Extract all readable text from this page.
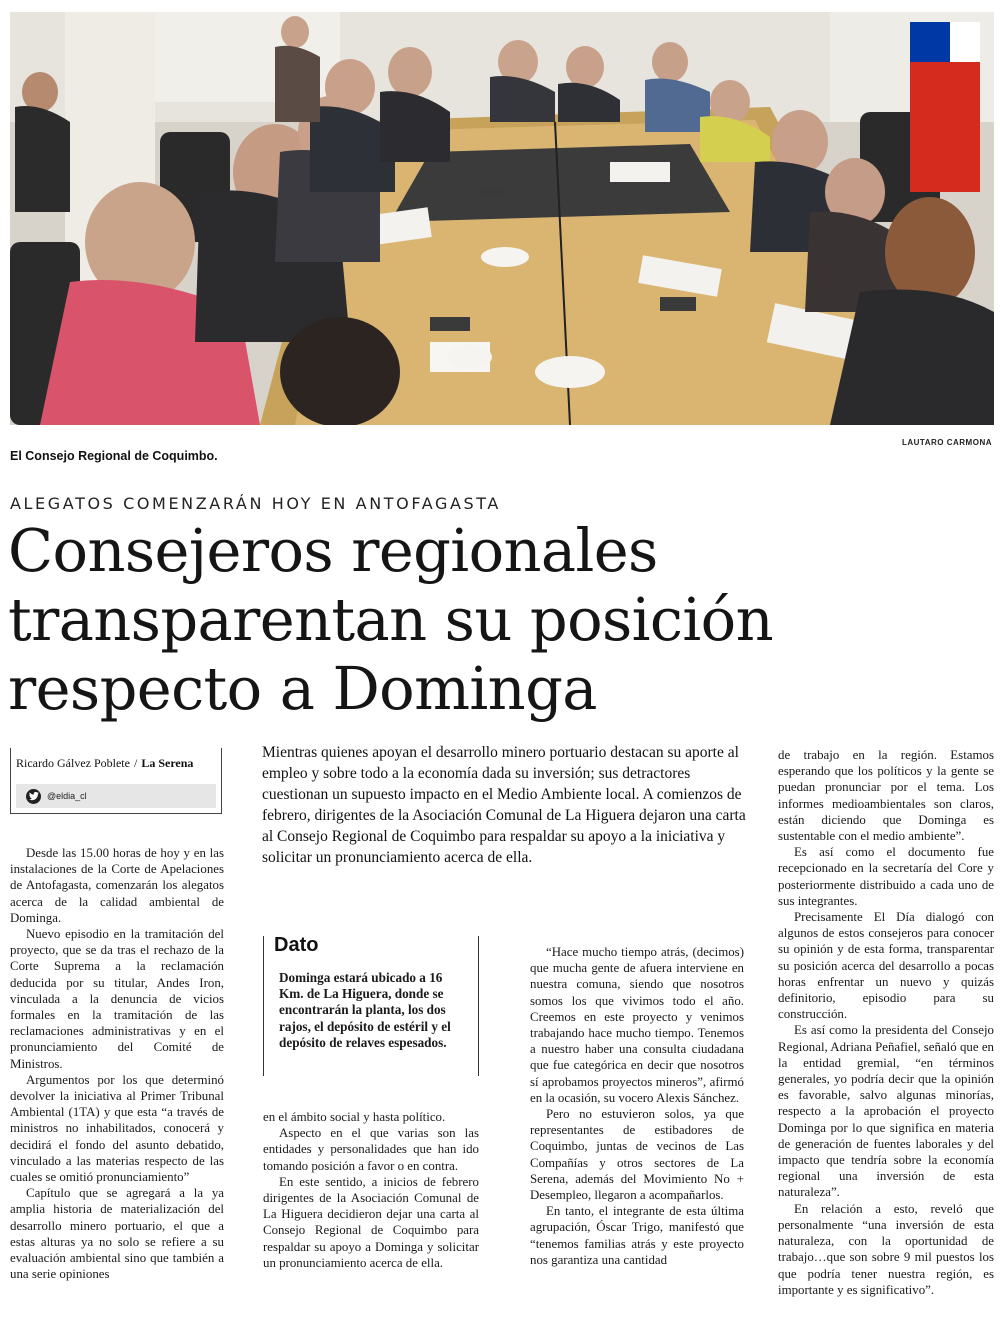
El Consejo Regional de Coquimbo.
LAUTARO CARMONA
ALEGATOS COMENZARÁN HOY EN ANTOFAGASTA
Consejeros regionales transparentan su posición respecto a Dominga
Ricardo Gálvez Poblete / La Serena
@eldia_cl

Mientras quienes apoyan el desarrollo minero portuario destacan su aporte al empleo y sobre todo a la economía dada su inversión; sus detractores cuestionan un supuesto impacto en el Medio Ambiente local. A comienzos de febrero, dirigentes de la Asociación Comunal de La Higuera dejaron una carta al Consejo Regional de Coquimbo para respaldar su apoyo a la iniciativa y solicitar un pronunciamiento acerca de ella.

Desde las 15.00 horas de hoy y en las instalaciones de la Corte de Apelaciones de Antofagasta, comenzarán los alegatos acerca de la calidad ambiental de Dominga.

Nuevo episodio en la tramitación del proyecto, que se da tras el rechazo de la Corte Suprema a la reclamación deducida por su titular, Andes Iron, vinculada a la denuncia de vicios formales en la tramitación de las reclamaciones administrativas y en el pronunciamiento del Comité de Ministros.

Argumentos por los que determinó devolver la iniciativa al Primer Tribunal Ambiental (1TA) y que esta “a través de ministros no inhabilitados, conocerá y decidirá el fondo del asunto debatido, vinculado a las materias respecto de las cuales se omitió pronunciamiento”

Capítulo que se agregará a la ya amplia historia de materialización del desarrollo minero portuario, el que a estas alturas ya no solo se refiere a su evaluación ambiental sino que también a una serie opiniones

Dato

Dominga estará ubicado a 16 Km. de La Higuera, donde se encontrarán la planta, los dos rajos, el depósito de estéril y el depósito de relaves espesados.

en el ámbito social y hasta político.

Aspecto en el que varias son las entidades y personalidades que han ido tomando posición a favor o en contra.

En este sentido, a inicios de febrero dirigentes de la Asociación Comunal de La Higuera decidieron dejar una carta al Consejo Regional de Coquimbo para respaldar su apoyo a Dominga y solicitar un pronunciamiento acerca de ella.

“Hace mucho tiempo atrás, (decimos) que mucha gente de afuera interviene en nuestra comuna, siendo que nosotros somos los que vivimos todo el año. Creemos en este proyecto y venimos trabajando hace mucho tiempo. Tenemos a nuestro haber una consulta ciudadana que fue categórica en decir que nosotros sí aprobamos proyectos mineros”, afirmó en la ocasión, su vocero Alexis Sánchez.

Pero no estuvieron solos, ya que representantes de estibadores de Coquimbo, juntas de vecinos de Las Compañías y otros sectores de La Serena, además del Movimiento No + Desempleo, llegaron a acompañarlos.

En tanto, el integrante de esta última agrupación, Óscar Trigo, manifestó que “tenemos familias atrás y este proyecto nos garantiza una cantidad

de trabajo en la región. Estamos esperando que los políticos y la gente se puedan pronunciar por el tema. Los informes medioambientales son claros, están diciendo que Dominga es sustentable con el medio ambiente”.

Es así como el documento fue recepcionado en la secretaría del Core y posteriormente distribuido a cada uno de sus integrantes.

Precisamente El Día dialogó con algunos de estos consejeros para conocer su opinión y de esta forma, transparentar su posición acerca del desarrollo a pocas horas enfrentar un nuevo y quizás definitorio, episodio para su construcción.

Es así como la presidenta del Consejo Regional, Adriana Peñafiel, señaló que en la entidad gremial, “en términos generales, yo podría decir que la opinión es favorable, salvo algunas minorías, respecto a la aprobación el proyecto Dominga por lo que significa en materia de generación de fuentes laborales y del impacto que tendría sobre la economía regional una inversión de esta naturaleza”.

En relación a esto, reveló que personalmente “una inversión de esta naturaleza, con la oportunidad de trabajo…que son sobre 9 mil puestos los que podría tener nuestra región, es importante y es significativo”.
